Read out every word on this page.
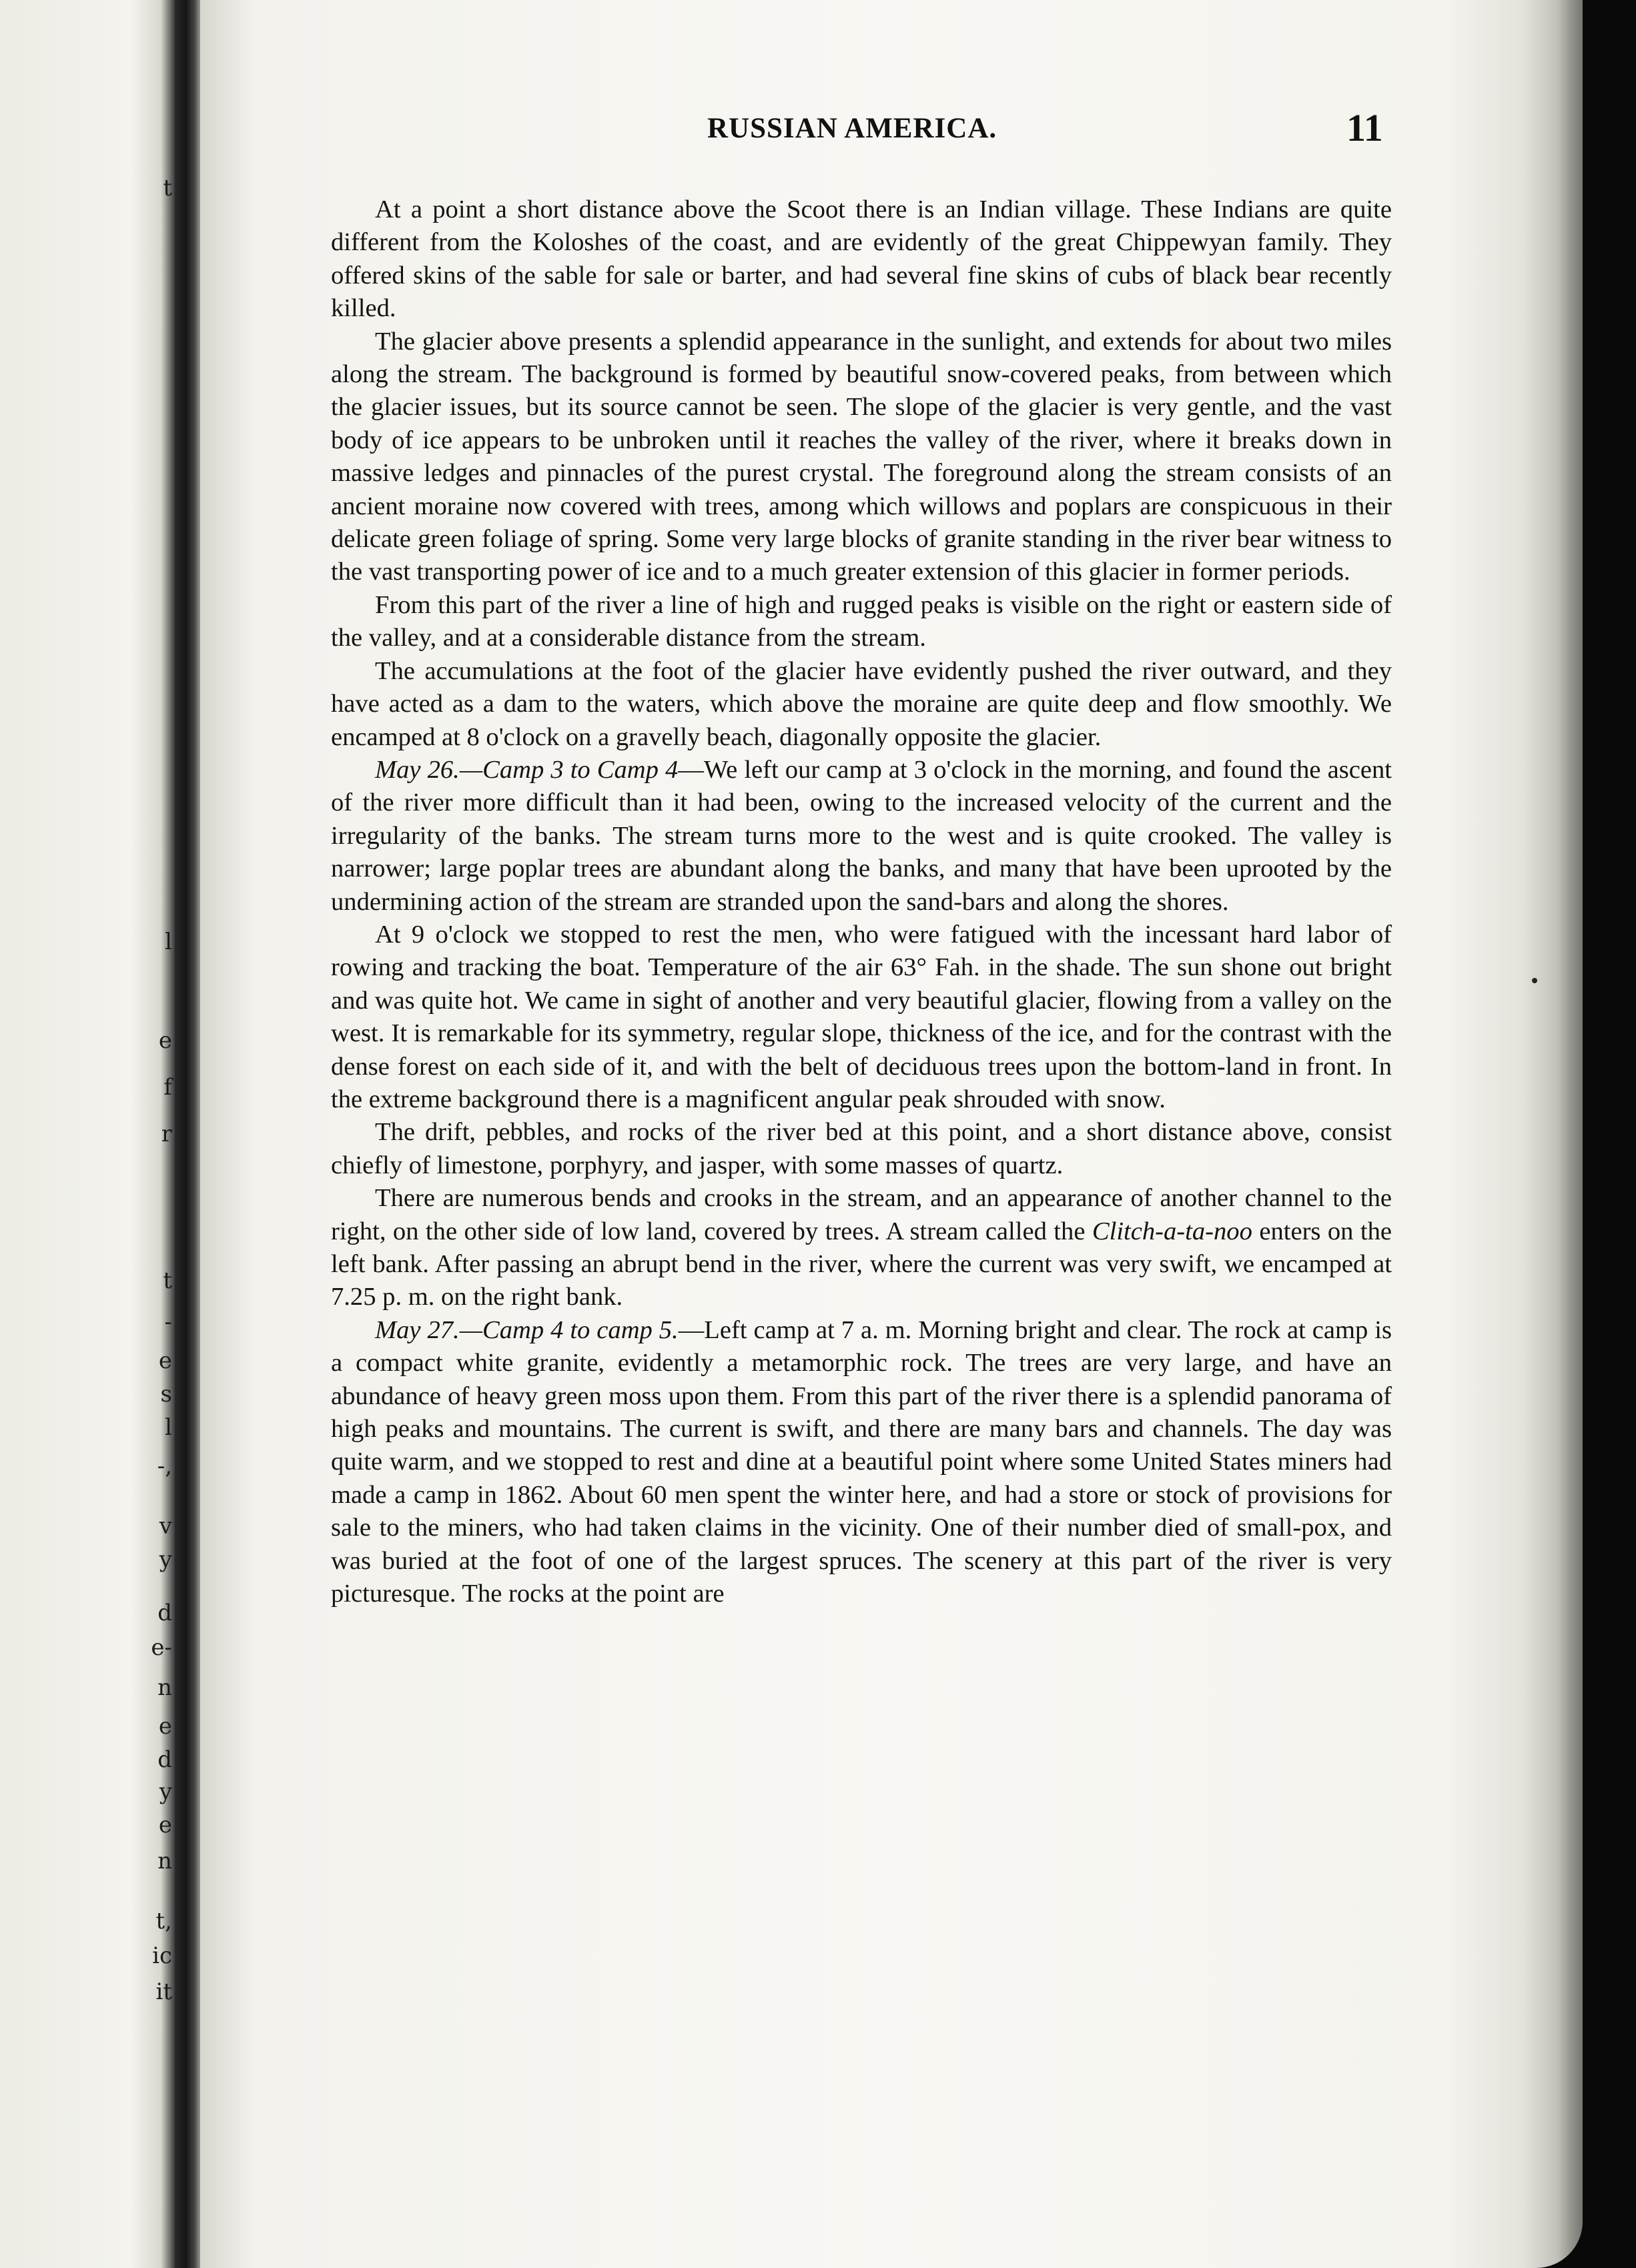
t
l
e
f
r
t
-
e
s
l
-,
v
y
d
e-
n
e
d
y
e
n
t,
ic
it
RUSSIAN AMERICA.	11

At a point a short distance above the Scoot there is an Indian village. These Indians are quite different from the Koloshes of the coast, and are evidently of the great Chippewyan family. They offered skins of the sable for sale or barter, and had several fine skins of cubs of black bear recently killed.

The glacier above presents a splendid appearance in the sunlight, and extends for about two miles along the stream. The background is formed by beautiful snow-covered peaks, from between which the glacier issues, but its source cannot be seen. The slope of the glacier is very gentle, and the vast body of ice appears to be unbroken until it reaches the valley of the river, where it breaks down in massive ledges and pinnacles of the purest crystal. The foreground along the stream consists of an ancient moraine now covered with trees, among which willows and poplars are conspicuous in their delicate green foliage of spring. Some very large blocks of granite standing in the river bear witness to the vast transporting power of ice and to a much greater extension of this glacier in former periods.

From this part of the river a line of high and rugged peaks is visible on the right or eastern side of the valley, and at a considerable distance from the stream.

The accumulations at the foot of the glacier have evidently pushed the river outward, and they have acted as a dam to the waters, which above the moraine are quite deep and flow smoothly. We encamped at 8 o'clock on a gravelly beach, diagonally opposite the glacier.

May 26.—Camp 3 to Camp 4—We left our camp at 3 o'clock in the morning, and found the ascent of the river more difficult than it had been, owing to the increased velocity of the current and the irregularity of the banks. The stream turns more to the west and is quite crooked. The valley is narrower; large poplar trees are abundant along the banks, and many that have been uprooted by the undermining action of the stream are stranded upon the sand-bars and along the shores.

At 9 o'clock we stopped to rest the men, who were fatigued with the incessant hard labor of rowing and tracking the boat. Temperature of the air 63° Fah. in the shade. The sun shone out bright and was quite hot. We came in sight of another and very beautiful glacier, flowing from a valley on the west. It is remarkable for its symmetry, regular slope, thickness of the ice, and for the contrast with the dense forest on each side of it, and with the belt of deciduous trees upon the bottom-land in front. In the extreme background there is a magnificent angular peak shrouded with snow.

The drift, pebbles, and rocks of the river bed at this point, and a short distance above, consist chiefly of limestone, porphyry, and jasper, with some masses of quartz.

There are numerous bends and crooks in the stream, and an appearance of another channel to the right, on the other side of low land, covered by trees. A stream called the Clitch-a-ta-noo enters on the left bank. After passing an abrupt bend in the river, where the current was very swift, we encamped at 7.25 p. m. on the right bank.

May 27.—Camp 4 to camp 5.—Left camp at 7 a. m. Morning bright and clear. The rock at camp is a compact white granite, evidently a metamorphic rock. The trees are very large, and have an abundance of heavy green moss upon them. From this part of the river there is a splendid panorama of high peaks and mountains. The current is swift, and there are many bars and channels. The day was quite warm, and we stopped to rest and dine at a beautiful point where some United States miners had made a camp in 1862. About 60 men spent the winter here, and had a store or stock of provisions for sale to the miners, who had taken claims in the vicinity. One of their number died of small-pox, and was buried at the foot of one of the largest spruces. The scenery at this part of the river is very picturesque. The rocks at the point are
